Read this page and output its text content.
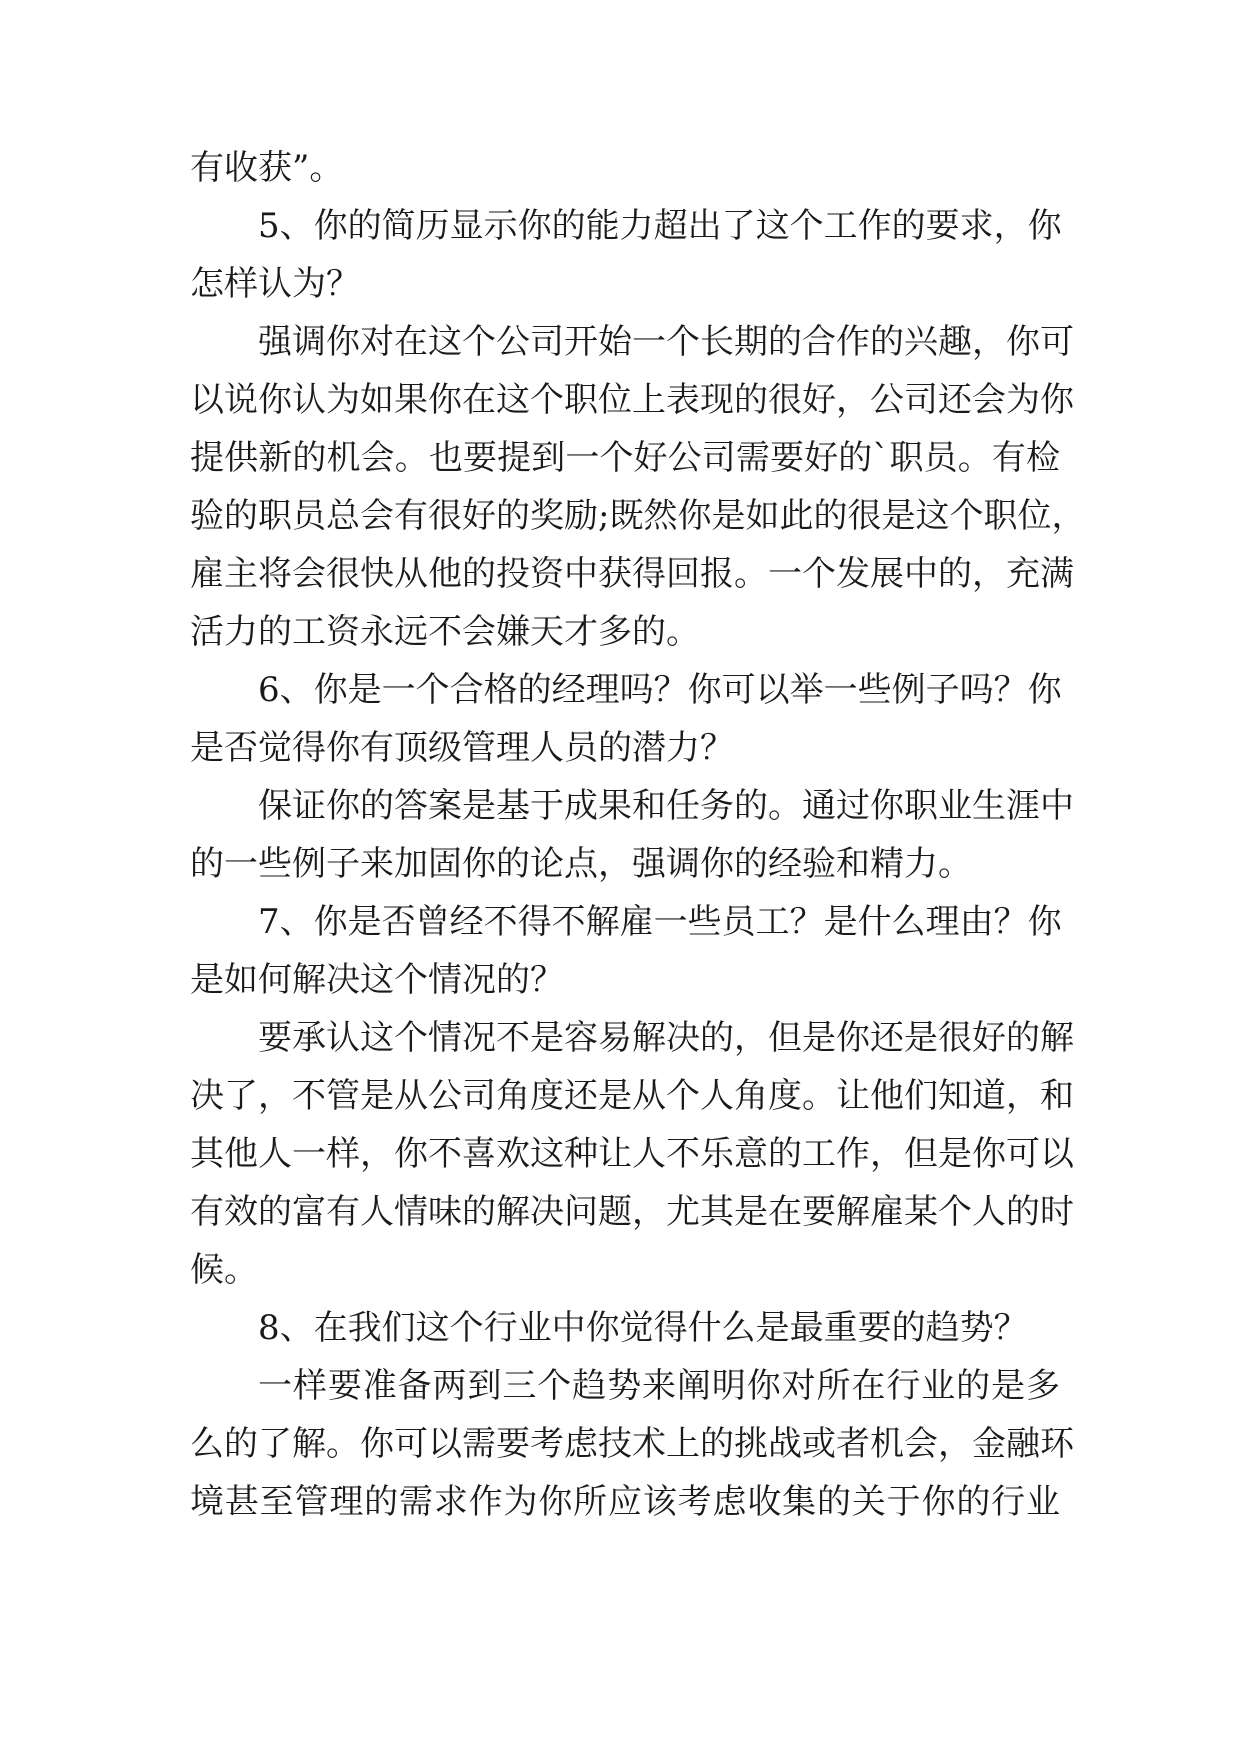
有收获”。
5、你的简历显示你的能力超出了这个工作的要求，你
怎样认为？
强调你对在这个公司开始一个长期的合作的兴趣，你可
以说你认为如果你在这个职位上表现的很好，公司还会为你
提供新的机会。也要提到一个好公司需要好的`职员。有检
验的职员总会有很好的奖励;既然你是如此的很是这个职位，
雇主将会很快从他的投资中获得回报。一个发展中的，充满
活力的工资永远不会嫌天才多的。
6、你是一个合格的经理吗？你可以举一些例子吗？你
是否觉得你有顶级管理人员的潜力？
保证你的答案是基于成果和任务的。通过你职业生涯中
的一些例子来加固你的论点，强调你的经验和精力。
7、你是否曾经不得不解雇一些员工？是什么理由？你
是如何解决这个情况的？
要承认这个情况不是容易解决的，但是你还是很好的解
决了，不管是从公司角度还是从个人角度。让他们知道，和
其他人一样，你不喜欢这种让人不乐意的工作，但是你可以
有效的富有人情味的解决问题，尤其是在要解雇某个人的时
候。
8、在我们这个行业中你觉得什么是最重要的趋势？
一样要准备两到三个趋势来阐明你对所在行业的是多
么的了解。你可以需要考虑技术上的挑战或者机会，金融环
境甚至管理的需求作为你所应该考虑收集的关于你的行业
